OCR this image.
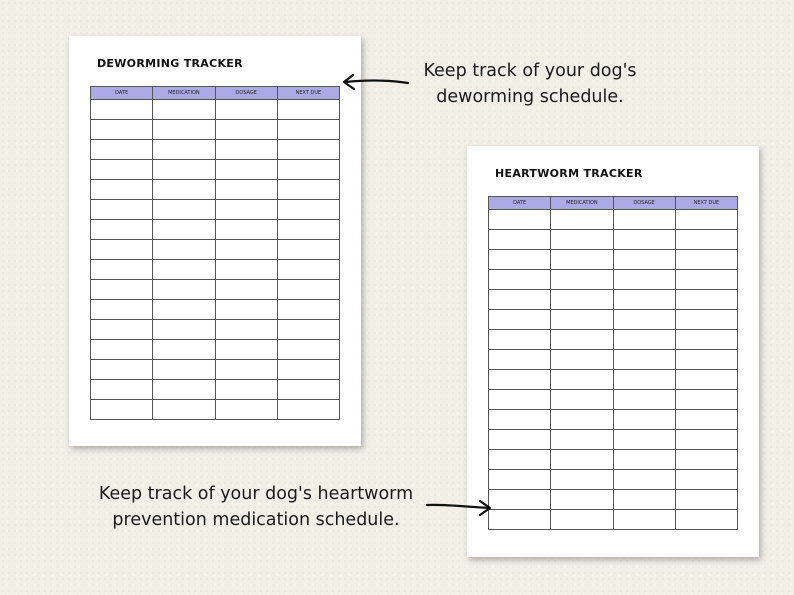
DEWORMING TRACKER
DATE	MEDICATION	DOSAGE	NEXT DUE

HEARTWORM TRACKER
DATE	MEDICATION	DOSAGE	NEXT DUE

Keep track of your dog's
deworming schedule.
Keep track of your dog's heartworm
prevention medication schedule.
